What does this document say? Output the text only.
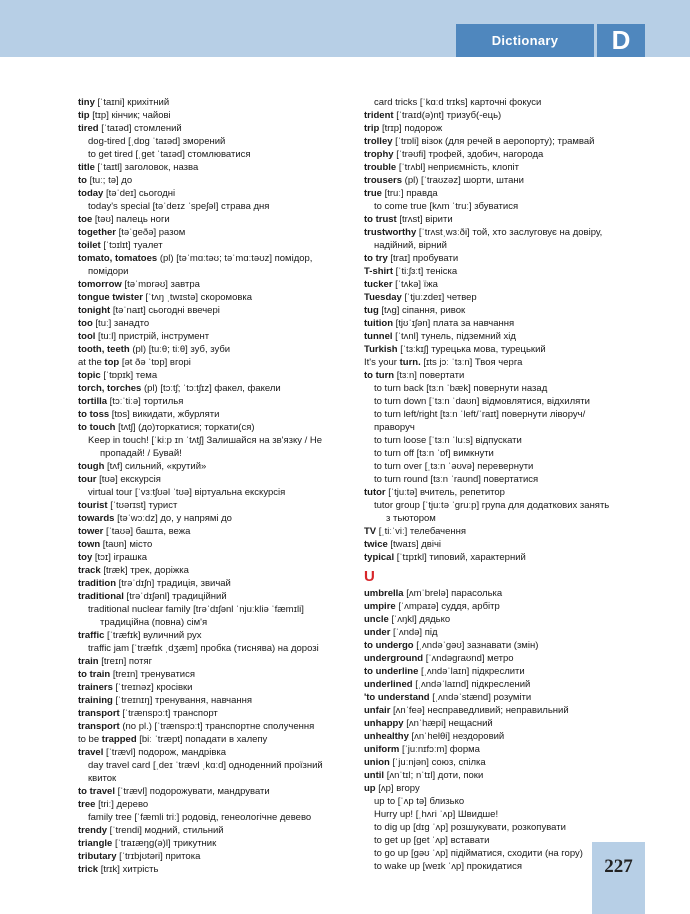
Dictionary	D
tiny [ˈtaɪni] крихітний
tip [tɪp] кінчик; чайові
tired [ˈtaɪəd] стомлений
dog-tired [ˌdɒg ˈtaɪəd] зморений
to get tired [ˌget ˈtaɪəd] стомлюватися
title [ˈtaɪtl] заголовок, назва
to [tuː; tə] до
today [təˈdeɪ] сьогодні
today's special [təˈdeɪz ˈspeʃəl] страва дня
toe [təʊ] палець ноги
together [təˈgeðə] разом
toilet [ˈtɔɪlɪt] туалет
tomato, tomatoes (pl) [təˈmɑːtəʊ; təˈmɑːtəʊz] помідор,
помідори
tomorrow [təˈmɒrəʊ] завтра
tongue twister [ˈtʌŋ ˌtwɪstə] скоромовка
tonight [təˈnaɪt] сьогодні ввечері
too [tuː] занадто
tool [tuːl] пристрій, інструмент
tooth, teeth (pl) [tuːθ; tiːθ] зуб, зуби
at the top [ət ðə ˈtɒp] вгорі
topic [ˈtɒpɪk] тема
torch, torches (pl) [tɔːtʃ; ˈtɔːtʃɪz] факел, факели
tortilla [tɔːˈtiːə] тортилья
to toss [tɒs] викидати, жбурляти
to touch [tʌtʃ] (до)торкатися; торкати(ся)
Keep in touch! [ˈkiːp ɪn ˈtʌtʃ] Залишайся на зв'язку / Не
пропадай! / Бувай!
tough [tʌf] сильний, «крутий»
tour [tʊə] екскурсія
virtual tour [ˈvɜːtʃʊəl ˈtʊə] віртуальна екскурсія
tourist [ˈtʊərɪst] турист
towards [təˈwɔːdz] до, у напрямі до
tower [ˈtaʊə] башта, вежа
town [taʊn] місто
toy [tɔɪ] іграшка
track [træk] трек, доріжка
tradition [trəˈdɪʃn] традиція, звичай
traditional [trəˈdɪʃənl] традиційний
traditional nuclear family [trəˈdɪʃənl ˈnjuːkliə ˈfæmɪli]
традиційна (повна) сім'я
traffic [ˈtræfɪk] вуличний рух
traffic jam [ˈtræfɪk ˌdʒæm] пробка (тиснява) на дорозі
train [treɪn] потяг
to train [treɪn] тренуватися
trainers [ˈtreɪnəz] кросівки
training [ˈtreɪnɪŋ] тренування, навчання
transport [ˈtrænspɔːt] транспорт
transport (no pl.) [ˈtrænspɔːt] транспортне сполучення
to be trapped [biː ˈtræpt] попадати в халепу
travel [ˈtrævl] подорож, мандрівка
day travel card [ˌdeɪ ˈtrævl ˌkɑːd] одноденний проїзний
квиток
to travel [ˈtrævl] подорожувати, мандрувати
tree [triː] дерево
family tree [ˈfæmli triː] родовід, генеологічне девево
trendy [ˈtrendi] модний, стильний
triangle [ˈtraɪæŋg(ə)l] трикутник
tributary [ˈtrɪbjʊtəri] притока
trick [trɪk] хитрість
card tricks [ˈkɑːd trɪks] карточні фокуси
trident [ˈtraɪd(ə)nt] тризуб(-ець)
trip [trɪp] подорож
trolley [ˈtrɒli] візок (для речей в аеропорту); трамвай
trophy [ˈtrəʊfi] трофей, здобич, нагорода
trouble [ˈtrʌbl] неприємність, клопіт
trousers (pl) [ˈtraʊzəz] шорти, штани
true [truː] правда
to come true [kʌm ˈtruː] збуватися
to trust [trʌst] вірити
trustworthy [ˈtrʌstˌwɜːði] той, хто заслуговує на довіру,
надійний, вірний
to try [traɪ] пробувати
T-shirt [ˈtiːʃɜːt] теніска
tucker [ˈtʌkə] їжа
Tuesday [ˈtjuːzdeɪ] четвер
tug [tʌg] сіпання, ривок
tuition [tjʊˈɪʃən] плата за навчання
tunnel [ˈtʌnl] тунель, підземний хід
Turkish [ˈtɜːkɪʃ] турецька мова, турецький
It's your turn. [ɪts jɔː ˈtɜːn] Твоя черга
to turn [tɜːn] повертати
to turn back [tɜːn ˈbæk] повернути назад
to turn down [ˈtɜːn ˈdaʊn] відмовлятися, відхиляти
to turn left/right [tɜːn ˈleft/ˈraɪt] повернути ліворуч/
праворуч
to turn loose [ˈtɜːn ˈluːs] відпускати
to turn off [tɜːn ˈɒf] вимкнути
to turn over [ˌtɜːn ˈəʊvə] перевернути
to turn round [tɜːn ˈraʊnd] повертатися
tutor [ˈtjuːtə] вчитель, репетитор
tutor group [ˈtjuːtə ˈgruːp] група для додаткових занять
з тьютором
TV [ˌtiːˈviː] телебачення
twice [twaɪs] двічі
typical [ˈtɪpɪkl] типовий, характерний
U
umbrella [ʌmˈbrelə] парасолька
umpire [ˈʌmpaɪə] суддя, арбітр
uncle [ˈʌŋkl] дядько
under [ˈʌndə] під
to undergo [ˌʌndəˈgəʊ] зазнавати (змін)
underground [ˈʌndəgraʊnd] метро
to underline [ˌʌndəˈlaɪn] підкреслити
underlined [ˌʌndəˈlaɪnd] підкреслений
'to understand [ˌʌndəˈstænd] розуміти
unfair [ʌnˈfeə] несправедливий; неправильний
unhappy [ʌnˈhæpi] нещасний
unhealthy [ʌnˈhelθi] нездоровий
uniform [ˈjuːnɪfɔːm] форма
union [ˈjuːnjən] союз, спілка
until [ʌnˈtɪl; nˈtɪl] доти, поки
up [ʌp] вгору
up to [ˈʌp tə] близько
Hurry up! [ˌhʌri ˈʌp] Швидше!
to dig up [dɪg ˈʌp] розшукувати, розкопувати
to get up [get ˈʌp] вставати
to go up [gəʊ ˈʌp] підійматися, сходити (на гору)
to wake up [weɪk ˈʌp] прокидатися	227
